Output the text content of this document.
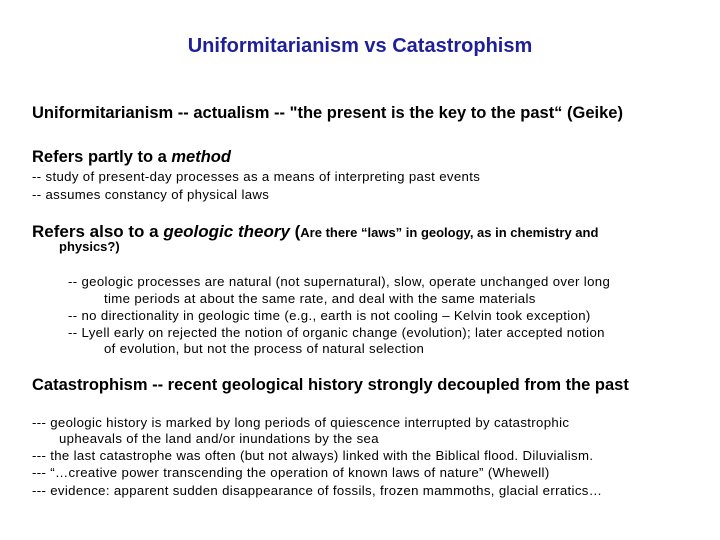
Uniformitarianism vs Catastrophism
Uniformitarianism -- actualism -- "the present is the key to the past“ (Geike)
Refers partly to a method
-- study of present-day processes as a means of interpreting past events
-- assumes constancy of physical laws
Refers also to a geologic theory (Are there “laws” in geology, as in chemistry and
physics?)
-- geologic processes are natural (not supernatural), slow, operate unchanged over long
time periods at about the same rate, and deal with the same materials
-- no directionality in geologic time (e.g., earth is not cooling – Kelvin took exception)
-- Lyell early on rejected the notion of organic change (evolution); later accepted notion
of evolution, but not the process of natural selection
Catastrophism -- recent geological history strongly decoupled from the past
--- geologic history is marked by long periods of quiescence interrupted by catastrophic
upheavals of the land and/or inundations by the sea
--- the last catastrophe was often (but not always) linked with the Biblical flood. Diluvialism.
--- “…creative power transcending the operation of known laws of nature” (Whewell)
--- evidence: apparent sudden disappearance of fossils, frozen mammoths, glacial erratics…
